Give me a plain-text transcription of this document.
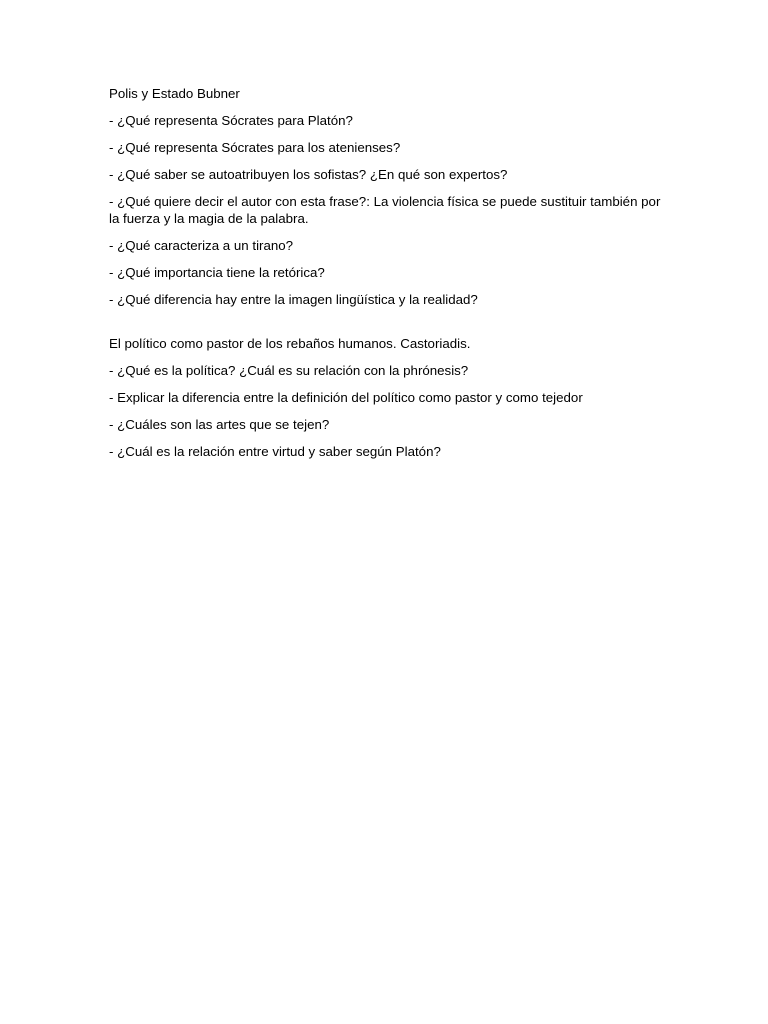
Polis y Estado Bubner

- ¿Qué representa Sócrates para Platón?

- ¿Qué representa Sócrates para los atenienses?

- ¿Qué saber se autoatribuyen los sofistas? ¿En qué son expertos?

- ¿Qué quiere decir el autor con esta frase?: La violencia física se puede sustituir también por la fuerza y la magia de la palabra.

- ¿Qué caracteriza a un tirano?

- ¿Qué importancia tiene la retórica?

- ¿Qué diferencia hay entre la imagen lingüística y la realidad?

El político como pastor de los rebaños humanos. Castoriadis.

- ¿Qué es la política? ¿Cuál es su relación con la phrónesis?

- Explicar la diferencia entre la definición del político como pastor y como tejedor

- ¿Cuáles son las artes que se tejen?

- ¿Cuál es la relación entre virtud y saber según Platón?
